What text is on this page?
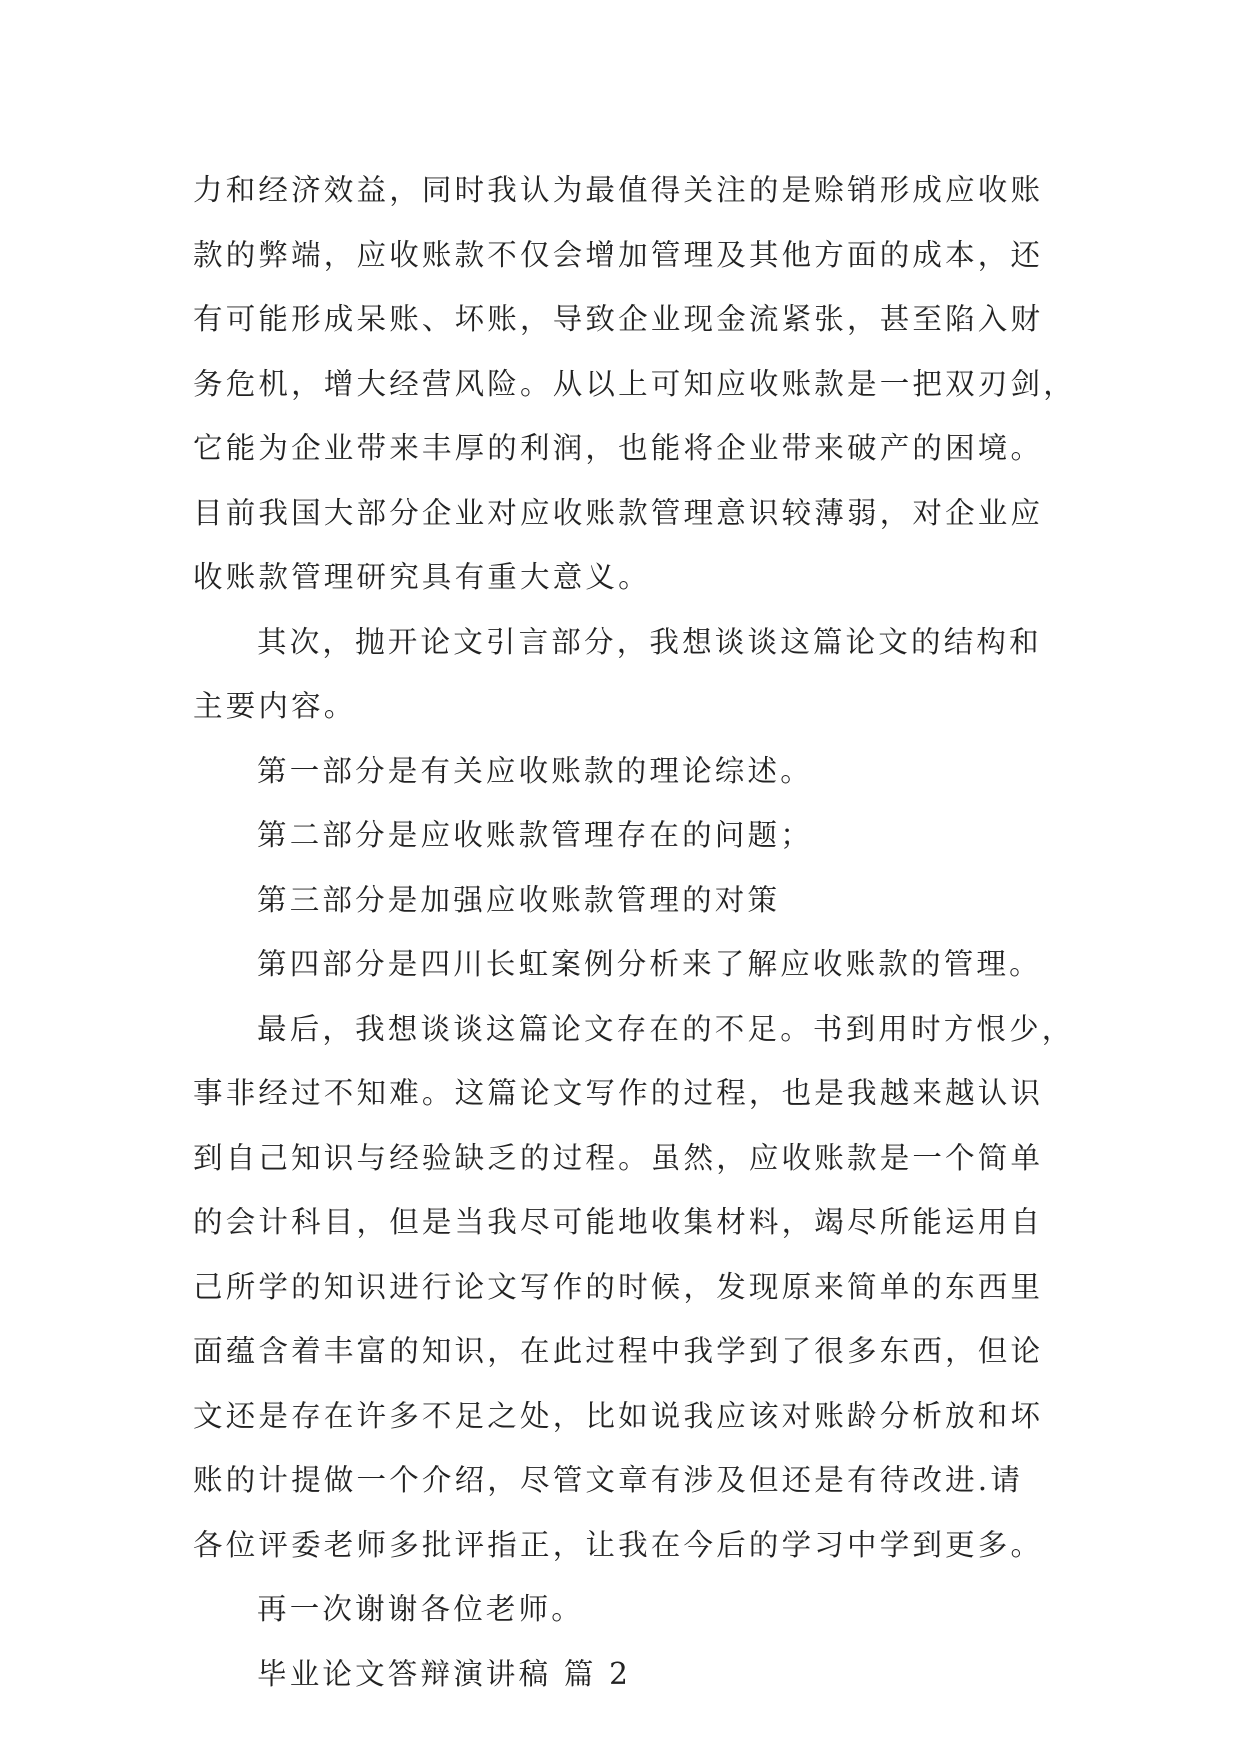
力和经济效益，同时我认为最值得关注的是赊销形成应收账
款的弊端，应收账款不仅会增加管理及其他方面的成本，还
有可能形成呆账、坏账，导致企业现金流紧张，甚至陷入财
务危机，增大经营风险。从以上可知应收账款是一把双刃剑，
它能为企业带来丰厚的利润，也能将企业带来破产的困境。
目前我国大部分企业对应收账款管理意识较薄弱，对企业应
收账款管理研究具有重大意义。
其次，抛开论文引言部分，我想谈谈这篇论文的结构和
主要内容。
第一部分是有关应收账款的理论综述。
第二部分是应收账款管理存在的问题；
第三部分是加强应收账款管理的对策
第四部分是四川长虹案例分析来了解应收账款的管理。
最后，我想谈谈这篇论文存在的不足。书到用时方恨少，
事非经过不知难。这篇论文写作的过程，也是我越来越认识
到自己知识与经验缺乏的过程。虽然，应收账款是一个简单
的会计科目，但是当我尽可能地收集材料，竭尽所能运用自
己所学的知识进行论文写作的时候，发现原来简单的东西里
面蕴含着丰富的知识，在此过程中我学到了很多东西，但论
文还是存在许多不足之处，比如说我应该对账龄分析放和坏
账的计提做一个介绍，尽管文章有涉及但还是有待改进.请
各位评委老师多批评指正，让我在今后的学习中学到更多。
再一次谢谢各位老师。
毕业论文答辩演讲稿 篇 2
